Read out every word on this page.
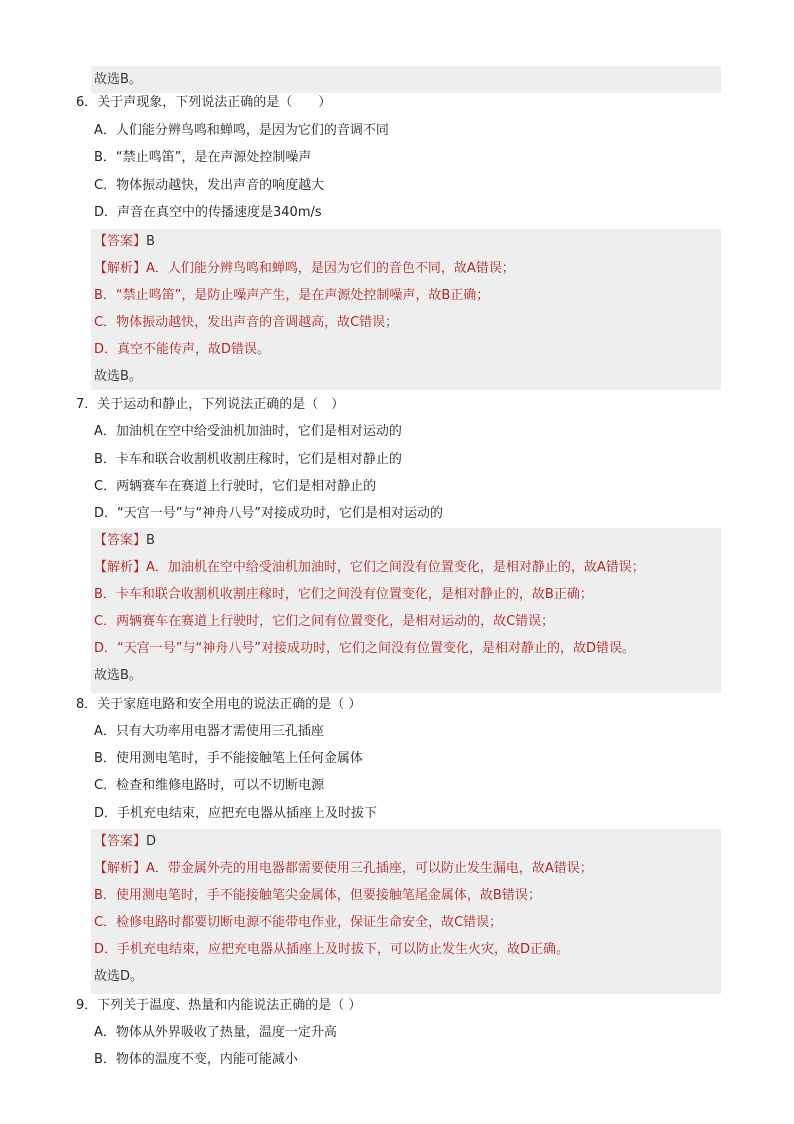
故选B。
6．关于声现象，下列说法正确的是（　　）
A．人们能分辨鸟鸣和蝉鸣，是因为它们的音调不同
B．“禁止鸣笛”，是在声源处控制噪声
C．物体振动越快，发出声音的响度越大
D．声音在真空中的传播速度是340m/s
【答案】B
【解析】A．人们能分辨鸟鸣和蝉鸣，是因为它们的音色不同，故A错误；
B．“禁止鸣笛”，是防止噪声产生，是在声源处控制噪声，故B正确；
C．物体振动越快，发出声音的音调越高，故C错误；
D．真空不能传声，故D错误。
故选B。
7．关于运动和静止，下列说法正确的是（　）
A．加油机在空中给受油机加油时，它们是相对运动的
B．卡车和联合收割机收割庄稼时，它们是相对静止的
C．两辆赛车在赛道上行驶时，它们是相对静止的
D．“天宫一号”与“神舟八号”对接成功时，它们是相对运动的
【答案】B
【解析】A．加油机在空中给受油机加油时，它们之间没有位置变化，是相对静止的，故A错误；
B．卡车和联合收割机收割庄稼时，它们之间没有位置变化，是相对静止的，故B正确；
C．两辆赛车在赛道上行驶时，它们之间有位置变化，是相对运动的，故C错误；
D．“天宫一号”与“神舟八号”对接成功时，它们之间没有位置变化，是相对静止的，故D错误。
故选B。
8．关于家庭电路和安全用电的说法正确的是（ ）
A．只有大功率用电器才需使用三孔插座
B．使用测电笔时，手不能接触笔上任何金属体
C．检查和维修电路时，可以不切断电源
D．手机充电结束，应把充电器从插座上及时拔下
【答案】D
【解析】A．带金属外壳的用电器都需要使用三孔插座，可以防止发生漏电，故A错误；
B．使用测电笔时，手不能接触笔尖金属体，但要接触笔尾金属体，故B错误；
C．检修电路时都要切断电源不能带电作业，保证生命安全，故C错误；
D．手机充电结束，应把充电器从插座上及时拔下，可以防止发生火灾，故D正确。
故选D。
9．下列关于温度、热量和内能说法正确的是（ ）
A．物体从外界吸收了热量，温度一定升高
B．物体的温度不变，内能可能减小
